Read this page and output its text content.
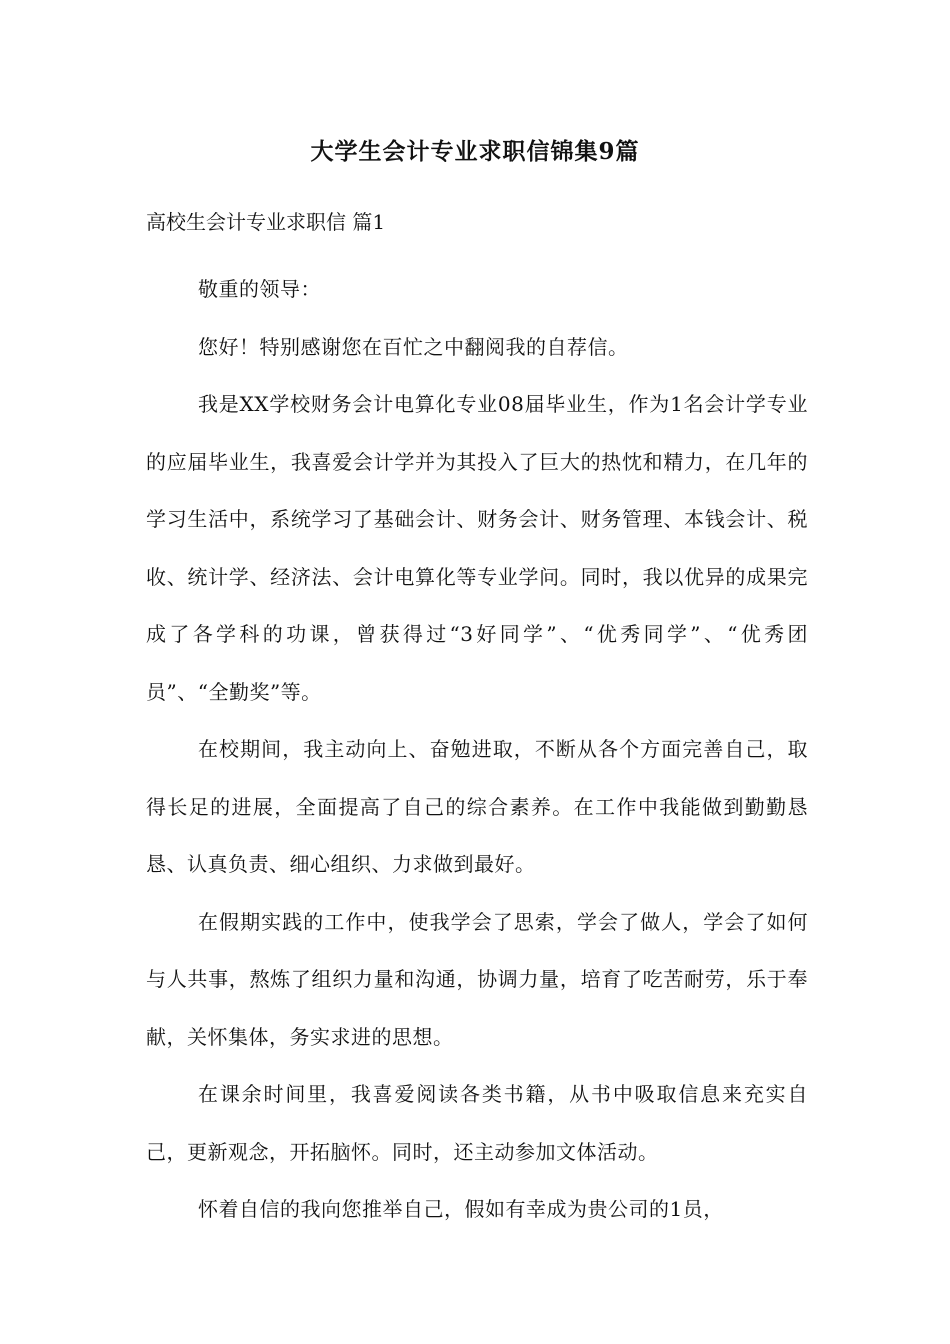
大学生会计专业求职信锦集9篇

高校生会计专业求职信 篇1

敬重的领导：

您好！特别感谢您在百忙之中翻阅我的自荐信。

我是XX学校财务会计电算化专业08届毕业生，作为1名会计学专业的应届毕业生，我喜爱会计学并为其投入了巨大的热忱和精力，在几年的学习生活中，系统学习了基础会计、财务会计、财务管理、本钱会计、税收、统计学、经济法、会计电算化等专业学问。同时，我以优异的成果完成了各学科的功课，曾获得过“3好同学”、“优秀同学”、“优秀团员”、“全勤奖”等。

在校期间，我主动向上、奋勉进取，不断从各个方面完善自己，取得长足的进展，全面提高了自己的综合素养。在工作中我能做到勤勤恳恳、认真负责、细心组织、力求做到最好。

在假期实践的工作中，使我学会了思索，学会了做人，学会了如何与人共事，熬炼了组织力量和沟通，协调力量，培育了吃苦耐劳，乐于奉献，关怀集体，务实求进的思想。

在课余时间里，我喜爱阅读各类书籍，从书中吸取信息来充实自己，更新观念，开拓脑怀。同时，还主动参加文体活动。

怀着自信的我向您推举自己，假如有幸成为贵公司的1员，
